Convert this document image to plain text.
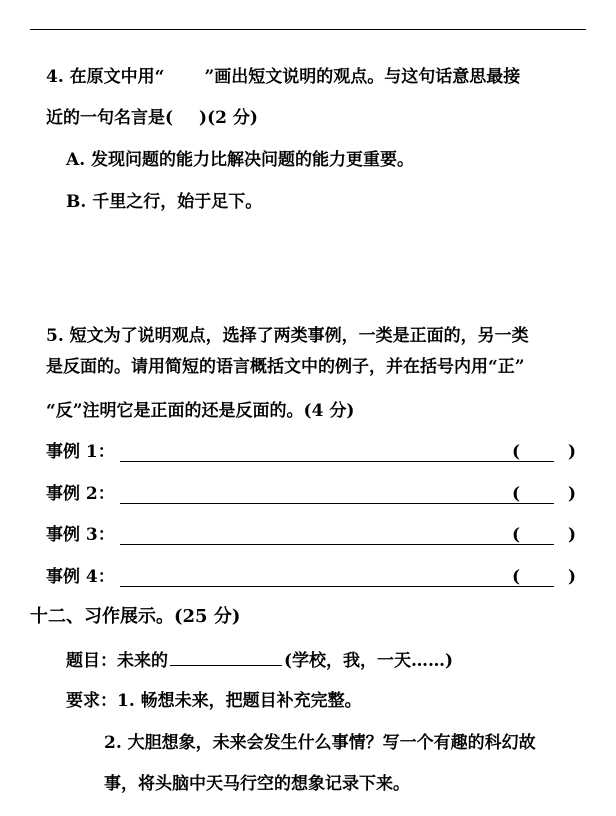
4. 在原文中用“ ”画出短文说明的观点。与这句话意思最接
近的一句名言是( )(2 分)
A. 发现问题的能力比解决问题的能力更重要。
B. 千里之行，始于足下。
5. 短文为了说明观点，选择了两类事例，一类是正面的，另一类
是反面的。请用简短的语言概括文中的例子，并在括号内用“正”
“反”注明它是正面的还是反面的。(4 分)
事例 1：	(	)
事例 2：	(	)
事例 3：	(	)
事例 4：	(	)
十二、习作展示。(25 分)
题目：未来的	(学校，我，一天……)
要求：1. 畅想未来，把题目补充完整。
2. 大胆想象，未来会发生什么事情？写一个有趣的科幻故
事，将头脑中天马行空的想象记录下来。
